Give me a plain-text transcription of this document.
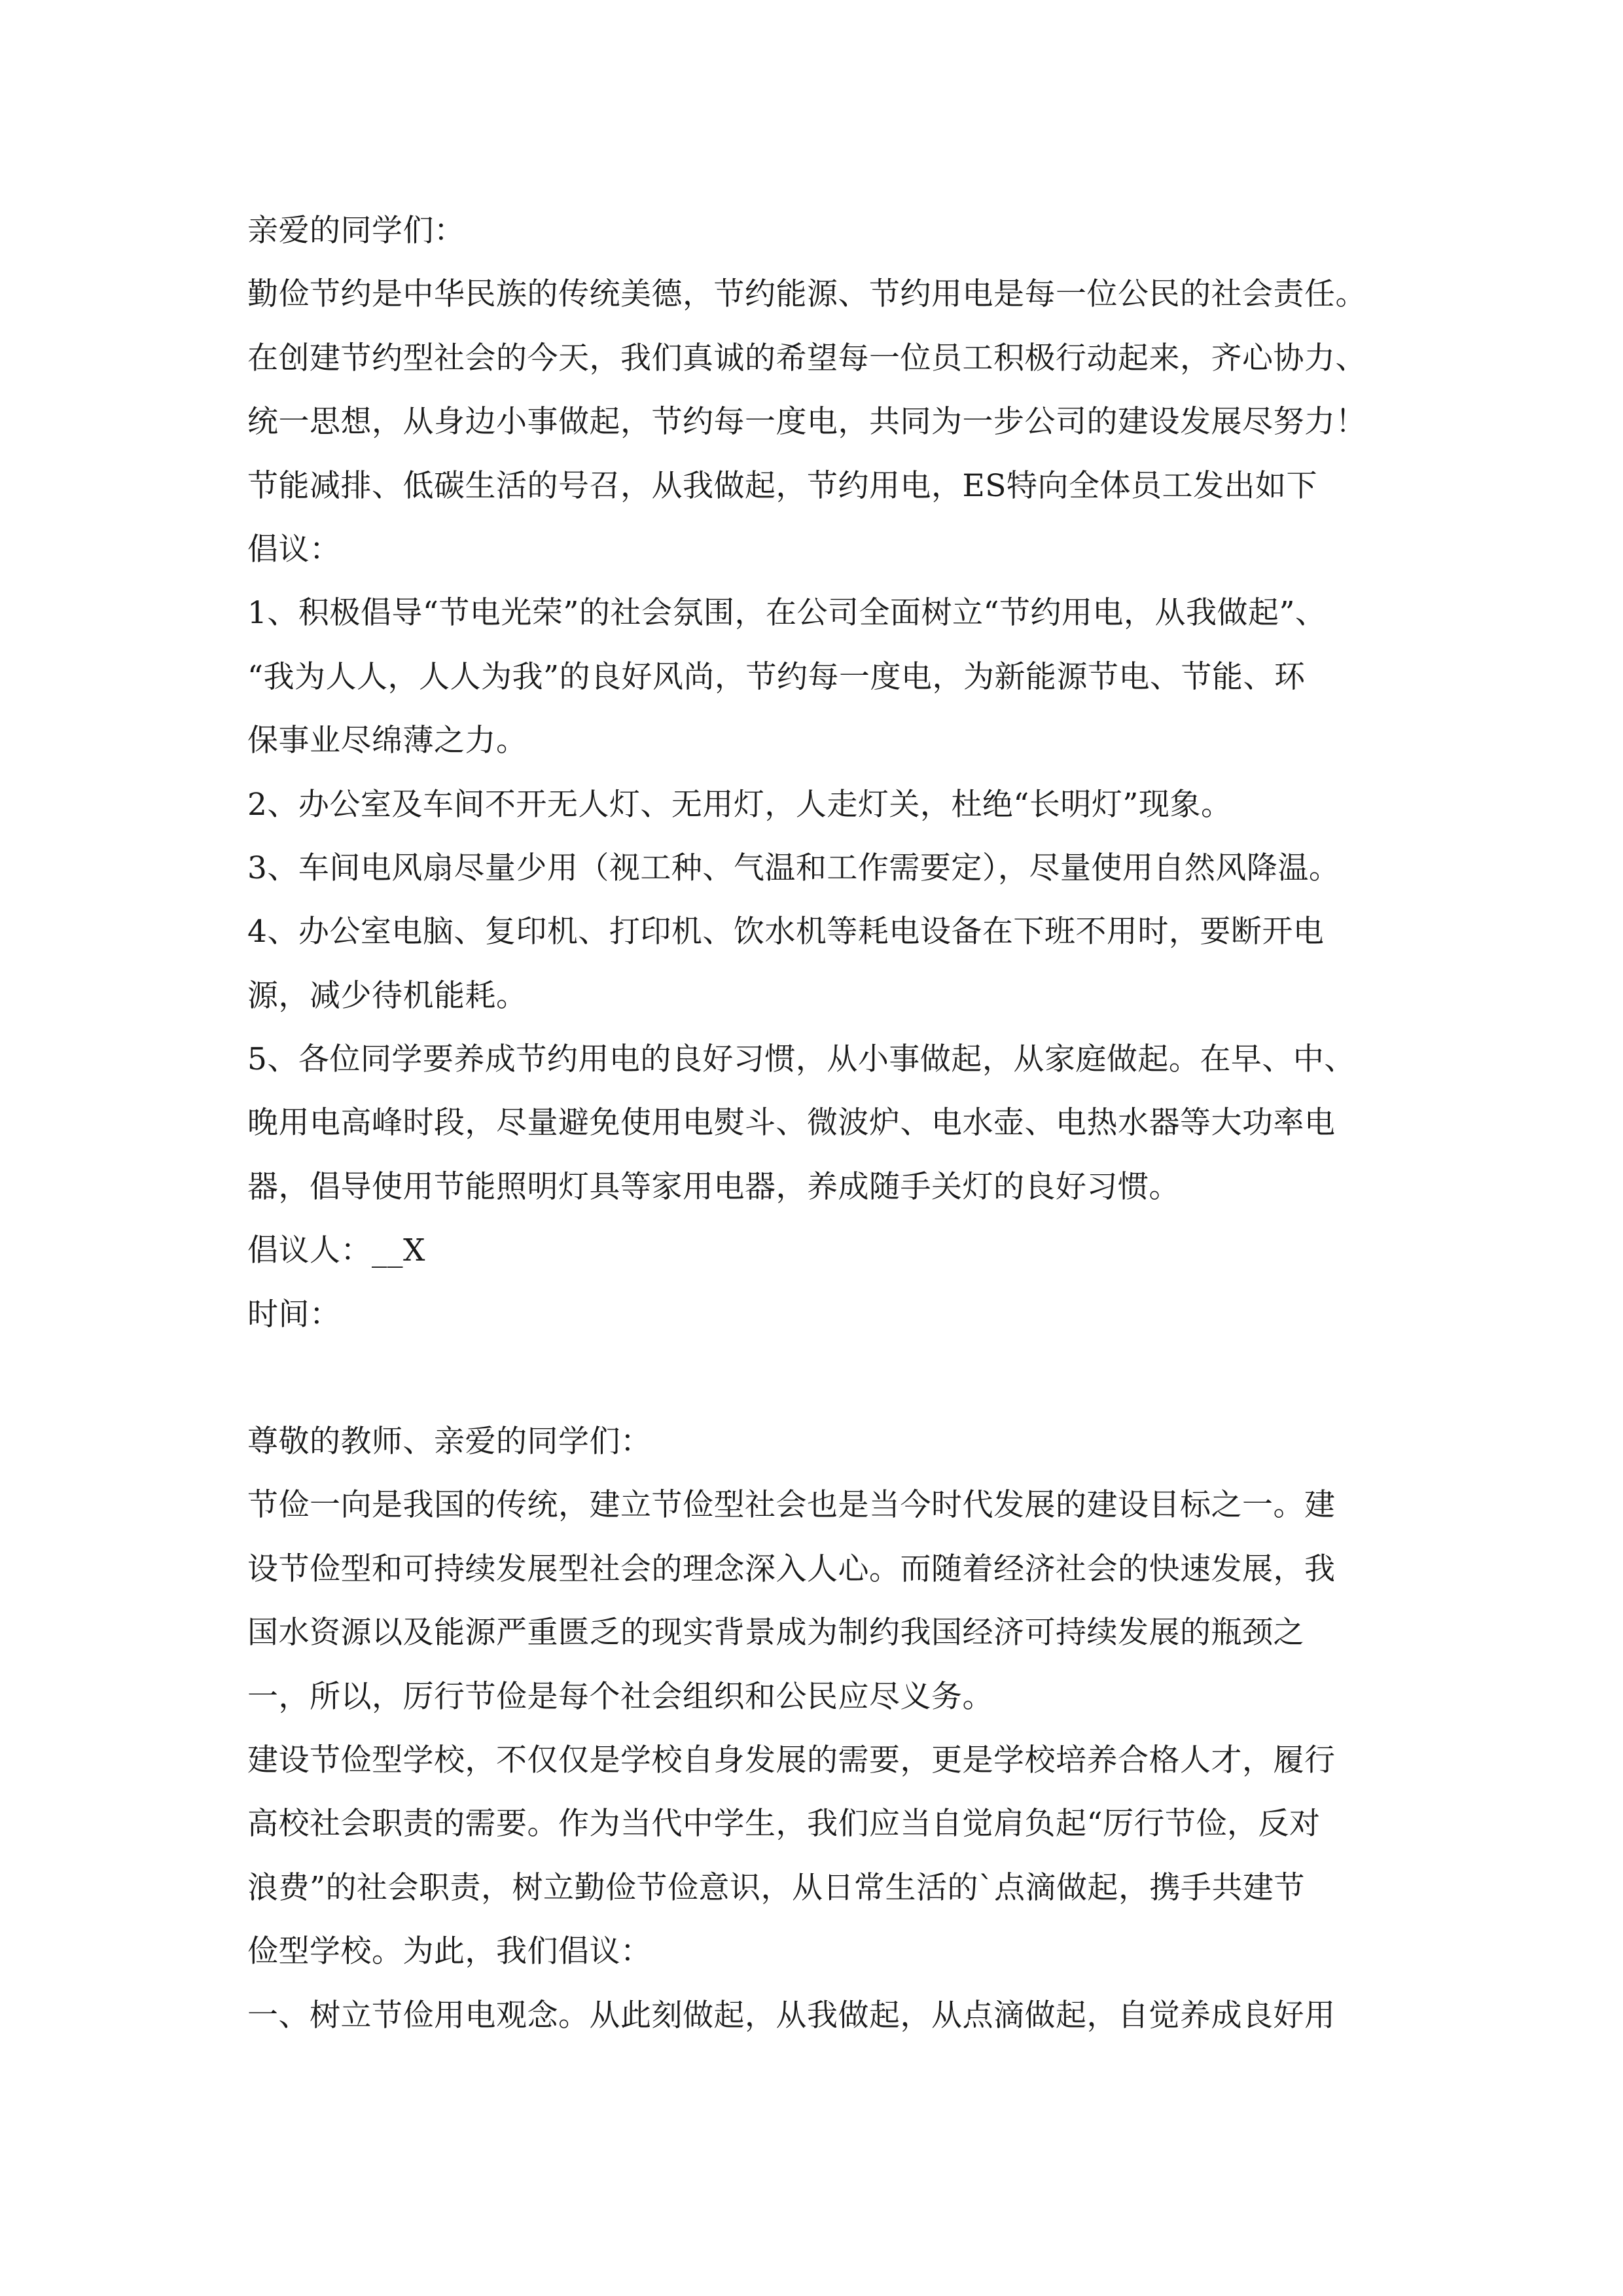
亲爱的同学们：
勤俭节约是中华民族的传统美德，节约能源、节约用电是每一位公民的社会责任。
在创建节约型社会的今天，我们真诚的希望每一位员工积极行动起来，齐心协力、
统一思想，从身边小事做起，节约每一度电，共同为一步公司的建设发展尽努力！
节能减排、低碳生活的号召，从我做起，节约用电，ES特向全体员工发出如下
倡议：
1、积极倡导“节电光荣”的社会氛围，在公司全面树立“节约用电，从我做起”、
“我为人人，人人为我”的良好风尚，节约每一度电，为新能源节电、节能、环
保事业尽绵薄之力。
2、办公室及车间不开无人灯、无用灯，人走灯关，杜绝“长明灯”现象。
3、车间电风扇尽量少用（视工种、气温和工作需要定），尽量使用自然风降温。
4、办公室电脑、复印机、打印机、饮水机等耗电设备在下班不用时，要断开电
源，减少待机能耗。
5、各位同学要养成节约用电的良好习惯，从小事做起，从家庭做起。在早、中、
晚用电高峰时段，尽量避免使用电熨斗、微波炉、电水壶、电热水器等大功率电
器，倡导使用节能照明灯具等家用电器，养成随手关灯的良好习惯。
倡议人：__X
时间：
尊敬的教师、亲爱的同学们：
节俭一向是我国的传统，建立节俭型社会也是当今时代发展的建设目标之一。建
设节俭型和可持续发展型社会的理念深入人心。而随着经济社会的快速发展，我
国水资源以及能源严重匮乏的现实背景成为制约我国经济可持续发展的瓶颈之
一，所以，厉行节俭是每个社会组织和公民应尽义务。
建设节俭型学校，不仅仅是学校自身发展的需要，更是学校培养合格人才，履行
高校社会职责的需要。作为当代中学生，我们应当自觉肩负起“厉行节俭，反对
浪费”的社会职责，树立勤俭节俭意识，从日常生活的`点滴做起，携手共建节
俭型学校。为此，我们倡议：
一、树立节俭用电观念。从此刻做起，从我做起，从点滴做起，自觉养成良好用
